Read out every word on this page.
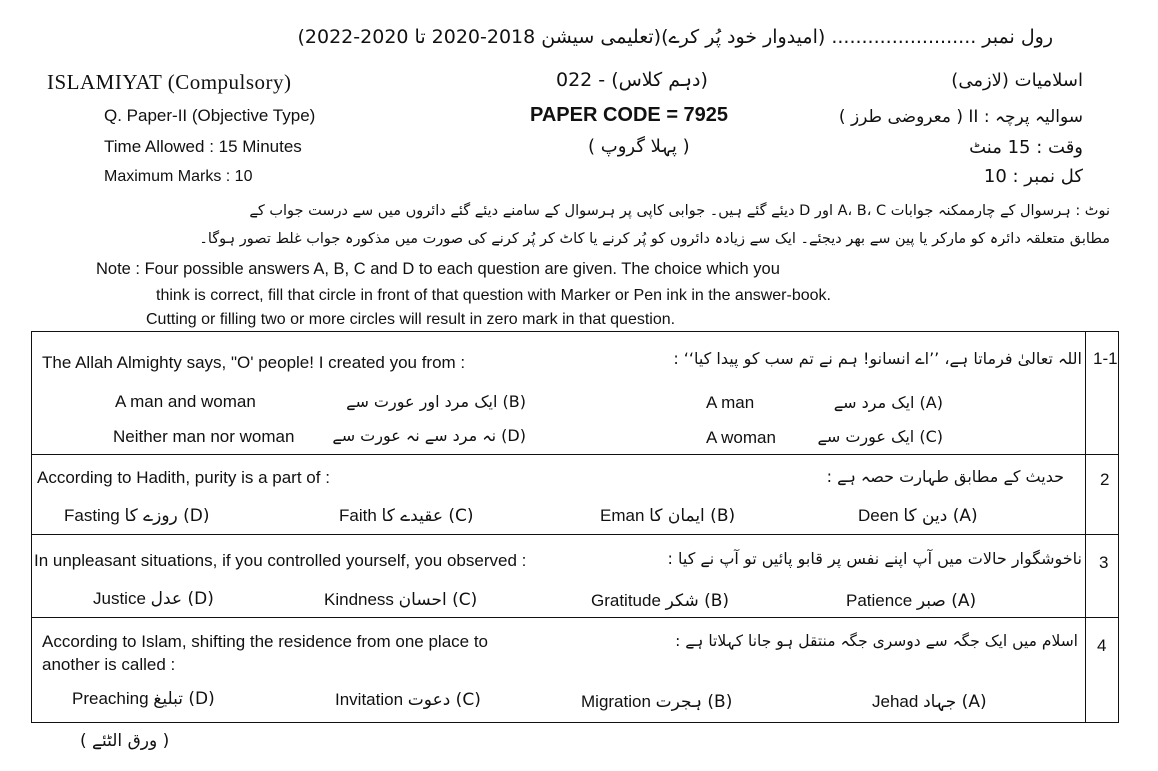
رول نمبر ........................ (امیدوار خود پُر کرے)(تعلیمی سیشن 2018-2020 تا 2020-2022)
ISLAMIYAT (Compulsory)	(دہم کلاس) - 022	اسلامیات (لازمی)
Q. Paper-II (Objective Type)	PAPER CODE = 7925	سوالیہ پرچہ : II ( معروضی طرز )
Time Allowed : 15 Minutes	( پہلا گروپ )	وقت : 15 منٹ
Maximum Marks : 10	کل نمبر : 10
نوٹ : ہرسوال کے چارممکنہ جوابات A، B، C اور D دیئے گئے ہیں۔ جوابی کاپی پر ہرسوال کے سامنے دیئے گئے دائروں میں سے درست جواب کے
مطابق متعلقہ دائرہ کو مارکر یا پین سے بھر دیجئے۔ ایک سے زیادہ دائروں کو پُر کرنے یا کاٹ کر پُر کرنے کی صورت میں مذکورہ جواب غلط تصور ہوگا۔
Note : Four possible answers A, B, C and D to each question are given. The choice which you
think is correct, fill that circle in front of that question with Marker or Pen ink in the answer-book.
Cutting or filling two or more circles will result in zero mark in that question.
1-1
The Allah Almighty says, "O' people! I created you from :	اللہ تعالیٰ فرماتا ہے، ’’اے انسانو! ہم نے تم سب کو پیدا کیا‘‘ :
A man and woman	(B) ایک مرد اور عورت سے	A man	(A) ایک مرد سے
Neither man nor woman (D) نہ مرد سے نہ عورت سے	A woman	(C) ایک عورت سے
2
According to Hadith, purity is a part of :	حدیث کے مطابق طہارت حصہ ہے :
Fasting (D) روزے کا	Faith (C) عقیدے کا	Eman (B) ایمان کا	Deen (A) دین کا
3
In unpleasant situations, if you controlled yourself, you observed :	ناخوشگوار حالات میں آپ اپنے نفس پر قابو پائیں تو آپ نے کیا :
Justice (D) عدل	Kindness (C) احسان	Gratitude (B) شکر	Patience (A) صبر
4
According to Islam, shifting the residence from one place to
another is called :
اسلام میں ایک جگہ سے دوسری جگہ منتقل ہو جانا کہلاتا ہے :
Preaching (D) تبلیغ	Invitation (C) دعوت	Migration (B) ہجرت	Jehad (A) جہاد
( ورق الٹئے )
